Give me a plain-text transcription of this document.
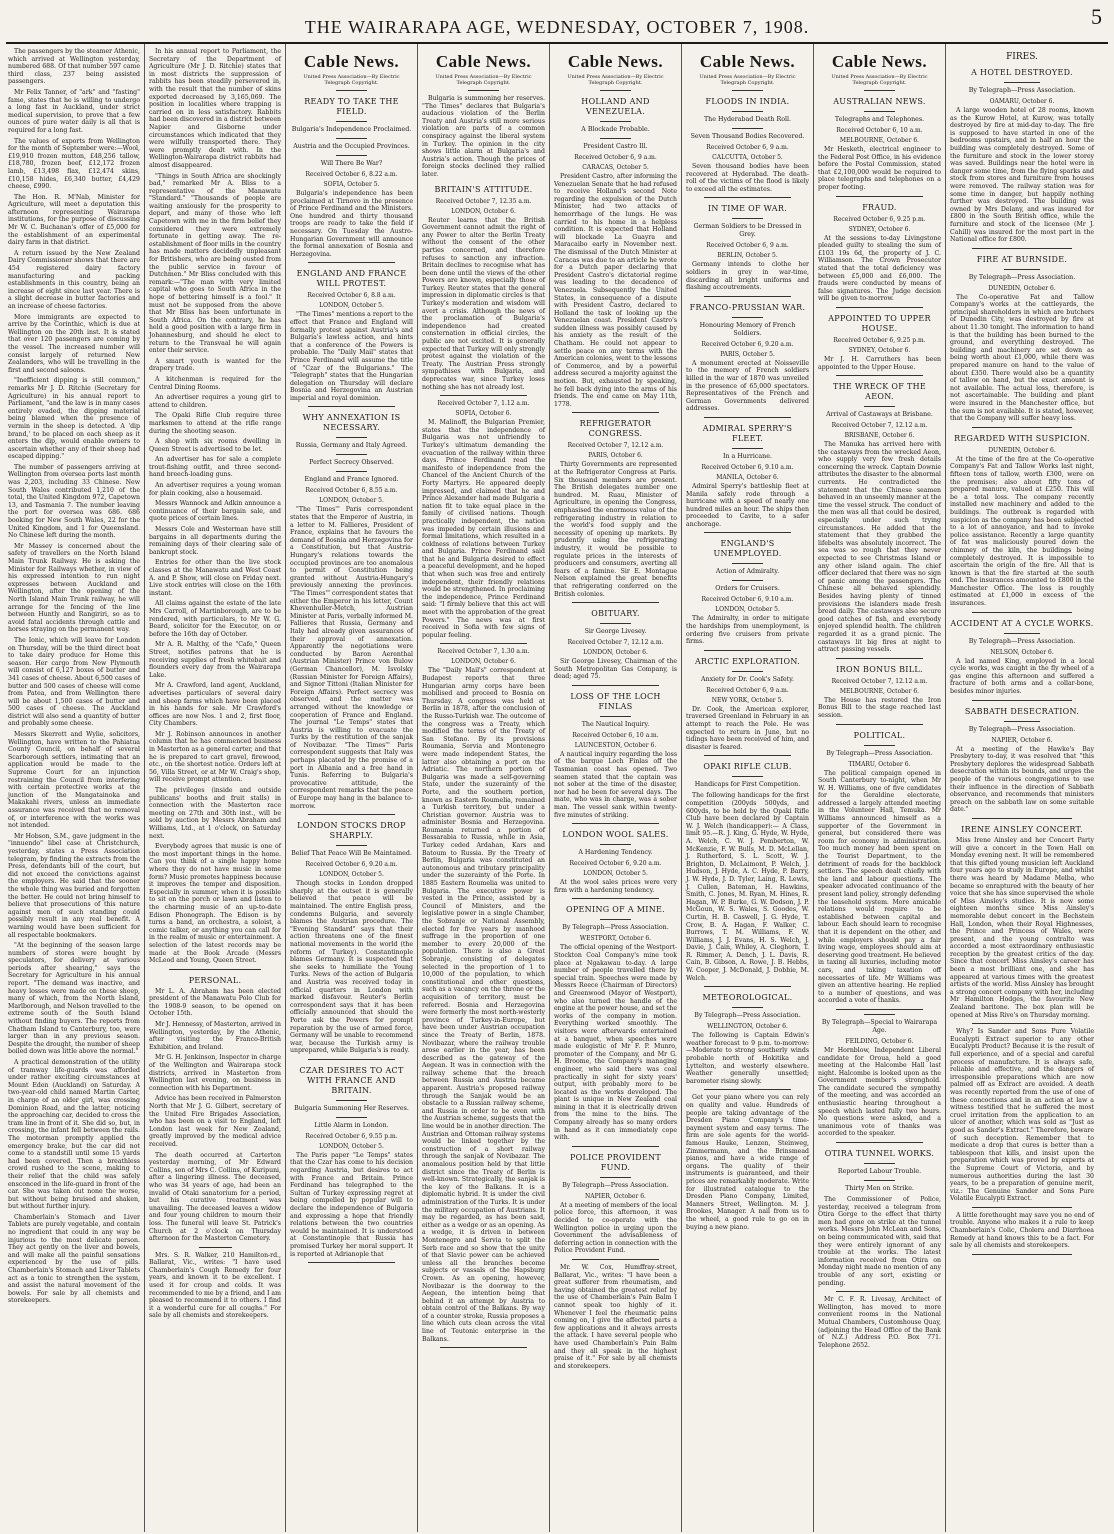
THE WAIRARAPA AGE, WEDNESDAY, OCTOBER 7, 1908.	5

The passengers by the steamer Athenic, which arrived at Wellington yesterday, numbered 688. Of that number 597 came third class, 237 being assisted passengers.

Mr Felix Tanner, of "ark" and "fasting" fame, states that he is willing to undergo a long fast in Auckland, under strict medical supervision, to prove that a few ounces of pure water daily is all that is required for a long fast.

The values of exports from Wellington for the month of September were:—Wool, £19,910 frozen mutton, £48,256 tallow, £18,780, frozen beef, £12,172 frozen lamb, £13,498 flax, £12,474 skins, £10,158 hides, £6,340 butter, £4,429 cheese, £990.

The Hon. R. M'Nab, Minister for Agriculture, will meet a deputation this afternoon representing Wairarapa institutions, for the purpose of discussing Mr W. C. Buchanan's offer of £5,000 for the establishment of an experimental dairy farm in that district.

A return issued by the New Zealand Dairy Commissioner shows that there are 454 registered dairy factory manufacturing and packing establishments in this country, being an increase of eight since last year. There is a slight decrease in butter factories and an increase of cheese factories.

More immigrants are expected to arrive by the Corinthic, which is due at Wellington on the 20th inst. It is stated that over 120 passengers are coming by the vessel. The increased number will consist largely of returned New Zealanders, who will be travelling in the first and second saloons.

"Inefficient dipping is still common," remarks Mr J. D. Ritchie (Secretary for Agriculture) in his annual report to Parliament, "and the law is in many cases entirely evaded, the dipping material being blamed when the presence of vermin in the sheep is detected. A 'dip brand,' to be placed on each sheep as it enters the dip, would enable owners to ascertain whether any of their sheep had escaped dipping."

The number of passengers arriving at Wellington from oversea ports last month was 2,203, including 33 Chinese. New South Wales contributed 1,210 of the total, the United Kingdom 972, Capetown 13, and Tasmania 7. The number leaving the port for oversea was 686. 686 booking for New South Wales, 22 for the United Kingdom, and 1 for Queensland. No Chinese left during the month.

Mr Massey is concerned about the safety of travellers on the North Island Main Trunk Railway. He is asking the Minister for Railways whether, in view of his expressed intention to run night expresses between Auckland and Wellington, after the opening of the North Island Main Trunk railway, he will arrange for the fencing of the line between Huntly and Rangiriri, so as to avoid fatal accidents through cattle and horses straying on the permanent way.

The Ionic, which will leave for London on Thursday, will be the third direct boat to take dairy produce for Home this season. Her cargo from New Plymouth will consist of 6,127 boxes of butter and 341 cases of cheese. About 6,500 cases of butter and 500 cases of cheese will come from Patea, and from Wellington there will be about 1,500 cases of butter and 500 cases of cheese. The Auckland district will also send a quantity of butter and probably some cheese.

Messrs Skerrett and Wylie, solicitors, Wellington, have written to the Pahiatua County Council, on behalf of several Scarborough settlers, intimating that an application would be made to the Supreme Court for an injunction restraining the Council from interfering with certain protective works at the junction of the Mangatainoka and Makakahi rivers, unless an immediate assurance was received that no removal of, or interference with the works was not intended.

Mr Hobson, S.M., gave judgment in the "innuendo" libel case at Christchurch, yesterday, states a Press Association telegram, by finding the extracts from the Press, defendants bill of the court, but did not exceed the convictions against the employers. He said that the sooner the whole thing was buried and forgotten the better. He could not bring himself to believe that prosecutions of this nature against men of such standing could possibly result in any real benefit. A warning would have been sufficient for all respectable bookmakers.

"At the beginning of the season large numbers of stores were bought by speculators, for delivery at various periods after shearing," says the Secretary for Agriculture in his annual report. "The demand was inactive, and heavy losses were made on these sheep, many of which, from the North Island, Marlborough, and Nelson travelled to the extreme south of the South Island without finding buyers. The reports from Chatham Island to Canterbury, too, were larger than in any previous season. Despite the drought, the number of sheep boiled down was little above the normal."

A practical demonstration of the utility of tramway life-guards was afforded under rather exciting circumstances at Mount Eden (Auckland) on Saturday. A two-year-old child named Martin Carter, in charge of an older girl, was crossing Dominion Road, and the latter, noticing the approaching car, decided to cross the tram line in front of it. She did so, but, in crossing, the infant fell between the rails. The motorman promptly applied the emergency brake, but the car did not come to a standstill until some 15 yards had been covered. Then a breathless crowd rushed to the scene, making to their relief that the child was safely ensconced in the life-guard in front of the car. She was taken out none the worse, but without being bruised and shaken, but without further injury.

Chamberlain's Stomach and Liver Tablets are purely vegetable, and contain no ingredient that could in any way be injurious to the most delicate person. They act gently on the liver and bowels, and will make all the painful sensations experienced by the use of pills. Chamberlain's Stomach and Liver Tablets act as a tonic to strengthen the system, and assist the natural movement of the bowels. For sale by all chemists and storekeepers.

In his annual report to Parliament, the Secretary of the Department of Agriculture (Mr J. D. Ritchie) states that in most districts the suppression of rabbits has been steadily persevered in, with the result that the number of skins exported decreased by 3,165,069. The position in localities where trapping is carried on in less satisfactory. Rabbits had been discovered in a district between Napier and Gisborne under circumstances which indicated that they were wilfully transported there. They were promptly dealt with. In the Wellington-Wairarapa district rabbits had almost disappeared.

"Things in South Africa are shockingly bad," remarked Mr A. Bliss to a representative of the Manawatu "Standard." "Thousands of people are waiting anxiously for the prosperity to depart, and many of those who left Capetown with me in the firm belief they considered they were extremely fortunate in getting away. The re-establishment of floor mills in the country has made matters decidedly unpleasant for Britishers, who are being ousted from the public service in favour of Dutchmen." Mr Bliss concluded with this remark:—"The man with very limited capital who goes to South Africa in the hope of bettering himself is a fool." It must not be supposed from the above that Mr Bliss has been unfortunate in South Africa. On the contrary, he has held a good position with a large firm in Johannesburg, and should he elect to return to the Transvaal he will again enter their service.

A smart youth is wanted for the drapery trade.

A kitchenman is required for the Central Dining Rooms.

An advertiser requires a young girl to attend to children.

The Opaki Rifle Club require three marksmen to attend at the rifle range during the shooting season.

A shop with six rooms dwelling in Queen Street is advertised to be let.

An advertiser has for sale a complete trout-fishing outfit, and three second-hand breech-loading guns.

An advertiser requires a young woman for plain cooking, also a housemaid.

Messrs Wannock and Adkin announce a continuance of their bargain sale, and quote prices of certain lines.

Messrs Cole and Westerman have still bargains in all departments during the remaining days of their clearing sale of bankrupt stock.

Entries for other than the live stock classes at the Manawatu and West Coast A. and P. Show, will close on Friday next. Live stock entries will close on the 16th instant.

All claims against the estate of the late Mrs Carroll, of Martinborough, are to be rendered, with particulars, to Mr W. G. Beard, solicitor for the Executor, on or before the 16th day of October.

Mr A. R. Malthy, of the "Cafe," Queen Street, notifies patrons that he is receiving supplies of fresh whitebait and flounders every day from the Wairarapa Lake.

Mr A. Crawford, land agent, Auckland, advertises particulars of several dairy and sheep farms which have been placed in his hands for sale. Mr Crawford's offices are now Nos. 1 and 2, first floor, City Chambers.

Mr J. Robinson announces in another column that he has commenced business in Masterton as a general carter, and that he is prepared to cart gravel, firewood, etc., on the shortest notice. Orders left at 56, Villa Street, or at Mr W. Craig's shop, will receive prompt attention.

The privileges (inside and outside publicans' booths and fruit stalls) in connection with the Masterton race meeting on 27th and 30th inst., will be sold by auction by Messrs Abraham and Williams, Ltd., at 1 o'clock, on Saturday next.

Everybody agrees that music is one of the most important things in the home. Can you think of a single happy home where they do not have music in some form? Music promotes happiness because it improves the temper and disposition. Especially in summer, when it is possible to sit on the porch or lawn and listen to the charming music of an up-to-date Edison Phonograph. The Edison is by turns a band, an orchestra, a soloist, a comic talker, or anything you can call for in the realm of music or entertainment. A selection of the latest records may be made at the Book Arcade (Messrs McLeod and Young, Queen Street.

PERSONAL.

Mr L. A. Abraham has been elected president of the Manawatu Polo Club for the 1908-9 season, to be opened on October 15th.

Mr J. Hennessy, of Masterton, arrived in Wellington, yesterday, by the Athenic, after visiting the Franco-British Exhibition, and Ireland.

Mr G. H. Jenkinson, Inspector in charge of the Wellington and Wairarapa stock districts, arrived in Masterton from Wellington last evening, on business in connection with his Department.

Advice has been received in Palmerston North that Mr J. G. Gilbert, secretary of the United Fire Brigades Association, who has been on a visit to England, left London last week for New Zealand, greatly improved by the medical advice received.

The death occurred at Carterton yesterday morning, of Mr Edward Collins, son of Mrs C. Collins, of Kuripuni, after a lingering illness. The deceased, who was 34 years of age, had been an invalid of Otaki sanatorium for a period, but his curative treatment was unavailing. The deceased leaves a widow and four young children to mourn their loss. The funeral will leave St. Patrick's Church at 2 o'clock on Thursday afternoon for the Masterton Cemetery.

Mrs. S. R. Walker, 210 Hamilton-rd., Ballarat, Vic., writes: "I have used Chamberlain's Cough Remedy for four years, and known it to be excellent. I used it for croup and colds. It was recommended to me by a friend, and I am pleased to recommend it to others. I find it a wonderful cure for all coughs." For sale by all chemists and storekeepers.

Cable News.
United Press Association—By Electric Telegraph Copyright.
READY TO TAKE THE FIELD.
Bulgaria's Independence Proclaimed.
Austria and the Occupied Provinces.
Will There Be War?
Received October 6, 8.22 a.m.
SOFIA, October 5.

Bulgaria's independence has been proclaimed at Tirnovo in the presence of Prince Ferdinand and the Ministers. One hundred and thirty thousand troops are ready to take the field if necessary. On Tuesday the Austro-Hungarian Government will announce the formal annexation of Bosnia and Herzegovina.

ENGLAND AND FRANCE WILL PROTEST.
Received October 6, 8.8 a.m.
LONDON, October 5.

"The Times" mentions a report to the effect that France and England will formally protest against Austria's and Bulgaria's lawless action, and hints that a conference of the Powers is probable. The "Daily Mail" states that Prince Ferdinand will assume the title of "Czar of the Bulgarians." The "Telegraph" states that the Hungarian delegation on Thursday will declare Bosnia and Herzegovina an Austrian imperial and royal dominion.

WHY ANNEXATION IS NECESSARY.
Russia, Germany and Italy Agreed.
Perfect Secrecy Observed.
England and France Ignored.
Received October 6, 8.55 a.m.
LONDON, October 5.

"The Times'" Paris correspondent states that the Emperor of Austria, in a letter to M. Fallieres, President of France, explains that he favours the demand of Bosnia and Herzegovina for a Constitution, but that Austria-Hungary's relations towards the occupied provinces are too anomalous to permit of Constitution being granted without Austria-Hungary's previously annexing the provinces. "The Times'" correspondent states that either the Emperor in his letter, Count Khevenhuller-Metch, Austrian Minister at Paris, verbally informed M. Fallieres that Russia, Germany and Italy had already given assurances of their approval of annexation. Apparently the negotiations were conducted by Baron Aerenthal (Austrian Minister) Prince von Bulow (German Chancellor), M. Isvolsky (Russian Minister for Foreign Affairs), and Signor Tittoni (Italian Minister for Foreign Affairs). Perfect secrecy was observed, and the matter was arranged without the knowledge or cooperation of France and England. The journal "Le Temps" states that Austria is willing to evacuate the Turks by the restitution of the sanjak of Novibazar. "The Times'" Paris correspondent suggests that Italy was perhaps placated by the promise of a port in Albania and a free hand in Tunis. Referring to Bulgaria's provocative attitude, the correspondent remarks that the peace of Europe may hang in the balance to-morrow.

LONDON STOCKS DROP SHARPLY.
Belief That Peace Will Be Maintained.
Received October 6, 9.20 a.m.
LONDON, October 5.

Though stocks in London dropped sharply at the outset it is generally believed that peace will be maintained. The entire English press, condemns Bulgaria, and severely blames the Austrian procedure. The "Evening Standard" says that their action threatens one of the finest national movements in the world (the reform of Turkey). Constantinople blames Germany. It is suspected that she seeks to humiliate the Young Turks. News of the action of Bulgaria and Austria was received today in official quarters in London with marked disfavour. Reuter's Berlin correspondent says that it has been officially announced that should the Porte ask the Powers for prompt reparation by the use of armed force, Germany will be unable to recommend war, because the Turkish army is unprepared, while Bulgaria's is ready.

CZAR DESIRES TO ACT WITH FRANCE AND BRITAIN.
Bulgaria Summoning Her Reserves.
Little Alarm in London.
Received October 6, 9.55 p.m.
LONDON, October 5.

The Paris paper "Le Temps" states that the Czar has come to his decision regarding Austria, but desires to act with France and Britain. Prince Ferdinand has telegraphed to the Sultan of Turkey expressing regret at being compelled by popular will to declare the independence of Bulgaria and expressing a hope that friendly relations between the two countries would be maintained. It is understood at Constantinople that Russia has promised Turkey her moral support. It is reported at Adrianople that

Cable News.
United Press Association—By Electric Telegraph Copyright.

Bulgaria is summoning her reserves. "The Times" declares that Bulgaria's audacious violation of the Berlin Treaty and Austria's still more serious violation are parts of a common conspiracy against the liberal system in Turkey. The opinion in the city shows little alarm at Bulgaria's and Austria's action. Though the prices of foreign stocks declined they rallied later.

BRITAIN'S ATTITUDE.
Received October 7, 12.35 a.m.
LONDON, October 6.

Reuter learns that the British Government cannot admit the right of any Power to alter the Berlin Treaty without the consent of the other parties concerned, and therefore refuses to sanction any infraction. Britain declines to recognise what has been done until the views of the other Powers are known, especially those of Turkey. Reuter states that the general impression in diplomatic circles is that Turkey's moderation and wisdom will avert a crisis. Although the news of the proclamation of Bulgaria's independence had created consternation in official circles, the public are not excited. It is generally expected that Turkey will only strongly protest against the violation of the Treaty. The Austrian Press strongly sympathises with Bulgaria, and deprecates war, since Turkey loses nothing she has not already lost.

Received October 7, 1.12 a.m.
SOFIA, October 6.

M. Malinoff, the Bulgarian Premier, states that the independence of Bulgaria was not unfriendly to Turkey's ultimatum demanding the evacuation of the railway within three days. Prince Ferdinand read the manifesto of independence from the Chancel of the Ancient Church of the Forty Martyrs. He appeared deeply impressed, and claimed that he and Prince Alexander had made Bulgaria a nation fit to take equal place in the family of civilised nations. Though practically independent, the nation was impeded by certain illusions and formal limitations, which resulted in a coldness of relations between Turkey and Bulgaria. Prince Ferdinand said that he and Bulgaria desired to effect a peaceful development, and he hoped that when such was free and entirely independent, their friendly relations would be strengthened. In proclaiming the independence, Prince Ferdinand said: "I firmly believe that this act will meet with the approbation of the great Powers." The news was at first received in Sofia with few signs of popular feeling.

Received October 7, 1.30 a.m.
LONDON, October 6.

The "Daily Mail's" correspondent at Budapest reports that three Hungarian army corps have been mobilised and proceed to Bosnia on Thursday. A congress was held at Berlin in 1878, after the conclusion of the Russo-Turkish war. The outcome of the congress was a Treaty, which modified the terms of the Treaty of San Stefano. By its provisions Roumania, Servia and Montenegro were made independent States, the latter also obtaining a port on the Adriatic. The northern portion of Bulgaria was made a self-governing State, under the suzerainty of the Porte, and the southern portion, known as Eastern Roumelia, remained a Turkish territory, but under a Christian governor. Austria was to administer Bosnia and Herzegovina. Roumania returned a portion of Bessarabia to Russia, while in Asia, Turkey ceded Ardahan, Kars and Batoum to Russia. By the Treaty of Berlin, Bulgaria was constituted an autonomous and tributary principality under the suzerainty of the Porte. In 1885 Eastern Roumelia was united to Bulgaria. The executive power is vested in the Prince, assisted by a Council of Ministers, and the legislative power in a single Chamber, the Sobranje or National Assembly, elected for five years by manhood suffrage in the proportion of one member to every 20,000 of the population. There is also a Great Sobranje, consisting of delegates selected in the proportion of 1 to 10,000 of the population, to which constitutional and other questions, such as a vacancy on the throne or the acquisition of territory, must be referred. Bosnia and Herzegovina were formerly the most north-westerly province of Turkey-in-Europe, but have been under Austrian occupation since the Treaty of Berlin, 1878. Novibazar, where the railway trouble arose earlier in the year, has been described as the gateway of the Aegean. It was in connection with the railway scheme that the breach between Russia and Austria became apparent. Austria's proposed railway through the Sanjak would be an obstacle to a Russian railway scheme, and Russia in order to be even with the Austrian scheme, suggests that the line would be in another direction. The Austrian and Ottoman railway systems would be linked together by the construction of a short railway through the sanjak of Novibazar. The anomalous position held by that little district since the Treaty of Berlin is well-known. Strategically, the sanjak is the key of the Balkans. It is a diplomatic hybrid. It is under the civil administration of the Turks. It is under the military occupation of Austrians. It may be regarded, as has been said, either as a wedge or as an opening. As a wedge, it is driven in between Montenegro and Servia to split the Serb race and so show that the unity of that Slavic power can be achieved unless all the branches become subjects or vassals of the Hapsburg Crown. As an opening, however, Novibazar is the doorway to the Aegean, the intention being that behind it an attempt by Austria to obtain control of the Balkans. By way of a counter stroke, Russia proposes a line which cuts clean across the vital line of Teutonic enterprise in the Balkans.

Cable News.
United Press Association—By Electric Telegraph Copyright.
HOLLAND AND VENEZUELA.
A Blockade Probable.
President Castro Ill.
Received October 6, 9 a.m.
CARACAS, October 5.

President Castro, after informing the Venezuelan Senate that he had refused to receive Holland's second Note regarding the expulsion of the Dutch Minister, had two attacks of hemorrhage of the lungs. He was carried to his home in a helpless condition. It is expected that Holland will blockade La Guayra and Maracaibo early in November next. The dismissal of the Dutch Minister at Caracas was due to an article he wrote for a Dutch paper declaring that President Castro's dictatorial regime was leading to the decadence of Venezuela. Subsequently the United States, in consequence of a dispute with President Castro, declared to Holland the task of looking up the Venezuelan coast. President Castro's sudden illness was possibly caused by his anxiety as the result of the Chatham. He could not appear to settle peace on any terms with the American colonies, went to the lessons of Commerce, and by a powerful address secured a majority against the motion. But, exhausted by speaking, he fell back dying into the arms of his friends. The end came on May 11th, 1778.

REFRIGERATOR CONGRESS.
Received October 7, 12.12 a.m.
PARIS, October 6.

Thirty Governments are represented at the Refrigerator Congress at Paris. Six thousand members are present. The British delegates number one hundred. M. Ruau, Minister of Agriculture, in opening the Congress, emphasised the enormous value of the refrigerating industry in relation to the world's food supply and the necessity of opening up markets. By prudently using the refrigerating industry, it would be possible to regulate prices in the interests of producers and consumers, averting all fears of a famine. Sir E. Montague Nelson explained the great benefits that refrigerating conferred on the British colonies.

OBITUARY.
Sir George Livesey.
Received October 7, 12.12 a.m.
LONDON, October 6.

Sir George Livesey, Chairman of the South Metropolitan Gas Company, is dead; aged 75.

LOSS OF THE LOCH FINLAS
The Nautical Inquiry.
Received October 6, 10 a.m.
LAUNCESTON, October 6.

A nautical inquiry regarding the loss of the barque Loch Finlas off the Tasmanian coast has opened. Two seamen stated that the captain was not sober at the time of the disaster, nor had he been for several days. The mate, who was in charge, was a sober man. The vessel sank within twenty-five minutes of striking.

LONDON WOOL SALES.
A Hardening Tendency.
Received October 6, 9.20 a.m.
LONDON, October 5.

At the wool sales prices were very firm with a hardening tendency.

OPENING OF A MINE.
By Telegraph—Press Association.
WESTPORT, October 6.

The official opening of the Westport-Stockton Coal Company's mine took place at Ngakawau to-day. A large number of people travelled there by special train. Speeches were made by Messrs Reece (Chairman of Directors) and Greenwood (Mayor of Westport), who also turned the handle of the engine at the power house, and set the works of the company in motion. Everything worked smoothly. The visitors were afterwards entertained at a banquet, when speeches were made eulogistic of Mr F. P. Munro, promoter of the Company, and Mr G. H. Broome, the Company's managing engineer, who said there was coal practically in sight for sixty years' output, with probably more to be located as the works developed. The plant is unique in New Zealand coal mining in that it is electrically driven from the mine to the bins. The Company already has so many orders in hand as it can immediately cope with.

POLICE PROVIDENT FUND.
By Telegraph—Press Association.
NAPIER, October 6.

At a meeting of members of the local police force, this afternoon, it was decided to co-operate with the Wellington police in urging upon the Government the advisableness of deferring action in connection with the Police Provident Fund.

Mr. W. Cox, Humffray-street, Ballarat, Vic., writes: "I have been a great sufferer from rheumatism, and having obtained the greatest relief by the use of Chamberlain's Pain Balm I cannot speak too highly of it. Whenever I feel the rheumatic pains coming on, I give the affected parts a few applications and it always arrests the attack. I have several people who have used Chamberlain's Pain Balm and they all speak in the highest praise of it." For sale by all chemists and storekeepers.

Cable News.
United Press Association—By Electric Telegraph Copyright.
FLOODS IN INDIA.
The Hyderabad Death Roll.
Seven Thousand Bodies Recovered.
Received October 6, 9 a.m.
CALCUTTA, October 5.

Seven thousand bodies have been recovered at Hyderabad. The death-roll of the victims of the flood is likely to exceed all the estimates.

IN TIME OF WAR.
German Soldiers to be Dressed in Grey.
Received October 6, 9 a.m.
BERLIN, October 5.

Germany intends to clothe her soldiers in grey in war-time, discarding all bright uniforms and flashing accoutrements.

FRANCO-PRUSSIAN WAR.
Honouring Memory of French Soldiers.
Received October 6, 9.20 a.m.
PARIS, October 5.

A monument erected at Noisseville to the memory of French soldiers killed in the war of 1870 was unveiled in the presence of 65,000 spectators. Representatives of the French and German Governments delivered addresses.

ADMIRAL SPERRY'S FLEET.
In a Hurricane.
Received October 6, 9.10 a.m.
MANILA, October 6.

Admiral Sperry's battleship fleet at Manila safely rode through a hurricane with a speed of nearly one hundred miles an hour. The ships then proceeded to Cavite, to a safer anchorage.

ENGLAND'S UNEMPLOYED.
Action of Admiralty.
Orders for Cruisers.
Received October 6, 9.10 a.m.
LONDON, October 5.

The Admiralty, in order to mitigate the hardships from unemployment, is ordering five cruisers from private firms.

ARCTIC EXPLORATION.
Anxiety for Dr. Cook's Safety.
Received October 6, 9 a.m.
NEW YORK, October 5.

Dr. Cook, the American explorer, traversed Greenland in February in an attempt to reach the Pole. He was expected to return in June, but no tidings have been received of him, and disaster is feared.

OPAKI RIFLE CLUB.
Handicaps for First Competition.

The following handicaps for the first competition (200yds 500yds, and 600yds, to be held by the Opaki Rifle Club have been declared by Captain W. J. Welch (handicapper):— A Class, limit 95.—R. J. King, G. Hyde, W. Hyde, A. Welch, C. W. J. Pemberton, W. McKenzie, F. W. Bulls, M. D. McLellan, J. Rutherford, S. L. Scott, W. J. Brighton, D. McLaimont, P. Welch, J. Hudson, J. Hyde, A. C. Hyde, P. Barry, J. W. Hyde, J. D. Tyler, Laing, R. Lewis, J. Cullen, Bateman, H. Hawkins, Smith, C. Jones, M. Ryan, M. Hines, R. Hagan, W. P. Burke, G. W. Dodson, J. P. McGoun, W. S. Wales, S. Goodes, W. Curtin, H. B. Caswell, J. G. Hyde, T. Crow, B. A. Hagan, F. Walker, C. Burrows, T. M. Williams, F. W. Williams, J. J. Evans, H. S. Welch, J. Davie, J. Cain, Whiley, A. Cleghorn, T. R. Rimmer, A. Dench, J. L. Davis, R. Cain, B. Gibson, A. Rowe, J. B. Hebbs, W. Cooper, J. McDonald, J. Dobbie, M. Welch.

METEOROLOGICAL.
By Telegraph—Press Association.
WELLINGTON, October 6.

The following is Captain Edwin's weather forecast to 9 p.m. to-morrow:—Moderate to strong southerly winds probable north of Hokitika and Lyttelton, and westerly elsewhere. Weather generally unsettled; barometer rising slowly.

Get your piano where you can rely on quality and value. Hundreds of people are taking advantage of the Dresden Piano Company's time-payment system and easy terms. The firm are sole agents for the world-famous Hauke, Lenzen, Steinweg, Zimmermann, and the Brinsmead pianos, and have a wide range of organs. The quality of their instruments is guaranteed, and their prices are remarkably moderate. Write for illustrated catalogue to the Dresden Piano Company, Limited, Manners Street, Wellington. M. J. Brookes, Manager. A nail from us to the wheel, a good rule to go on in buying a new piano.

Cable News.
United Press Association—By Electric Telegraph Copyright.
AUSTRALIAN NEWS.
Telegraphs and Telephones.
Received October 6, 10 a.m.
MELBOURNE, October 6.

Mr Hesketh, electrical engineer to the Federal Post Office, in his evidence before the Postal Commission, stated that £2,100,000 would be required to place telegraphs and telephones on a proper footing.

FRAUD.
Received October 6, 9.25 p.m.
SYDNEY, October 6.

At the sessions to-day Livingstone pleaded guilty to stealing the sum of £103 19s 6d, the property of J. C. Williamson. The Crown Prosecutor stated that the total deficiency was between £5,000 and £6,000. The frauds were conducted by means of false signatures. The Judge decision will be given to-morrow.

APPOINTED TO UPPER HOUSE.
Received October 6, 9.25 p.m.
SYDNEY, October 6.

Mr J. H. Carruthers has been appointed to the Upper House.

THE WRECK OF THE AEON.
Arrival of Castaways at Brisbane.
Received October 7, 12.12 a.m.
BRISBANE, October 6.

The Manuka has arrived here with the castaways from the wrecked Aeon, who supply very few fresh details concerning the wreck. Captain Downie attributes the disaster to the abnormal currents. He contradicted the statement that the Chinese seamen behaved in an unseemly manner at the time the vessel struck. The conduct of the men was all that could be desired, especially under such trying circumstances. He added that the statement that they grabbed the lifebelts was absolutely incorrect. The sea was so rough that they never expected to see Christmas Island or any other island again. The chief officer declared that there was no sign of panic among the passengers. The Chinese all behaved splendidly. Besides having plenty of tinned provisions the islanders made fresh bread daily. The castaways also secure good catches of fish, and everybody enjoyed splendid health. The children regarded it as a grand picnic. The castaways lit big fires at night to attract passing vessels.

IRON BONUS BILL.
Received October 7, 12.12 a.m.
MELBOURNE, October 6.

The House has restored the Iron Bonus Bill to the stage reached last session.

POLITICAL.
By Telegraph—Press Association.
TIMARU, October 6.

The political campaign opened in South Canterbury to-night, when Mr W. H. Williams, one of five candidates for the Geraldine electorate, addressed a largely attended meeting in the Volunteer Hall, Temuka. Mr Williams announced himself as a supporter of the Government in general, but considered there was room for economy in administration. Too much money had been spent on the Tourist Department, to the detriment of roads for the backblock settlers. The speech dealt chiefly with the land and labour questions. The speaker advocated continuance of the present land policy, strongly defending the leasehold system. More amicable relations would require to be established between capital and labour. Each should learn to recognise that it is dependent on the other, and while employers should pay a fair living wage, employees should aim at deserving good treatment. He believed in taxing all luxuries, including motor cars, and taking taxation off necessaries of life. Mr Williams was given an attentive hearing. He replied to a number of questions, and was accorded a vote of thanks.

By Telegraph—Special to Wairarapa Age.
FEILDING, October 6.

Mr Hornblow, Independent Liberal candidate for Oroua, held a good meeting at the Halcombe Hall last night. Halcombe is looked upon as the Government member's stronghold. The candidate secured the sympathy of the meeting, and was accorded an enthusiastic hearing throughout a speech which lasted fully two hours. No questions were asked, and a unanimous vote of thanks was accorded to the speaker.

OTIRA TUNNEL WORKS.
Reported Labour Trouble.
Thirty Men on Strike.

The Commissioner of Police, yesterday, received a telegram from Otira Gorge to the effect that thirty men had gone on strike at the tunnel works. Messrs John McLean and Sons, on being communicated with, said that they were entirely ignorant of any trouble at the works. The latest information received from Otira on Monday night made no mention of any trouble of any sort, existing or pending.

Mr C. F. R. Livesay, Architect of Wellington, has moved to more convenient rooms in the National Mutual Chambers, Customhouse Quay, (adjoining the Head Office of the Bank of N.Z.) Address P.O. Box 771. Telephone 2652.

FIRES.
A HOTEL DESTROYED.
By Telegraph—Press Association.
OAMARU, October 6.

A large wooden hotel of 28 rooms, known as the Kurow Hotel, at Kurow, was totally destroyed by fire at mid-day to-day. The fire is supposed to have started in one of the bedrooms upstairs, and in half an hour the building was completely destroyed. Some of the furniture and stock in the lower storey was saved. Buildings near the hotel were in danger some time, from the flying sparks and stock from stores and furniture from houses were removed. The railway station was for some time in danger, but happily nothing further was destroyed. The building was owned by Mrs Delany, and was insured for £800 in the South British office, while the furniture and stock of the licensee (Mr J. Cahill) was insured for the most part in the National office for £800.

FIRE AT BURNSIDE.
By Telegraph—Press Association.
DUNEDIN, October 6.

The Co-operative Fat and Tallow Company's works at the cattleyards, the principal shareholders in which are butchers of Dunedin City, was destroyed by fire at about 11.30 tonight. The information to hand is that the building has been burned to the ground, and everything destroyed. The building and machinery are set down as being worth about £1,000, while there was prepared manure on hand to the value of about £350. There would also be a quantity of tallow on hand, but the exact amount is not available. The actual loss, therefore, is not ascertainable. The building and plant were insured in the Manchester office, but the sum is not available. It is stated, however, that the Company will suffer heavy loss.

REGARDED WITH SUSPICION.
DUNEDIN, October 6.

At the time of the fire at the Co-operative Company's Fat and Tallow Works last night, fifteen tons of tallow, worth £300, were on the premises; also about fifty tons of prepared manure, valued at £250. This will be a total loss. The company recently installed new machinery and added to the buildings. The outbreak is regarded with suspicion as the company has been subjected to a lot of annoyance, and had to invoke police assistance. Recently a large quantity of fat was maliciously poured down the chimney of the kiln, the buildings being completely destroyed. It is impossible to ascertain the origin of the fire. All that is known is that the fire started at the south end. The insurances amounted to £800 in the Manchester Office. The loss is roughly estimated at £1,000 in excess of the insurances.

ACCIDENT AT A CYCLE WORKS.
By Telegraph—Press Association.
NELSON, October 6.

A lad named King, employed in a local cycle works, was caught in the fly wheel of a gas engine this afternoon and suffered a fracture of both arms and a collar-bone, besides minor injuries.

SABBATH DESECRATION.
By Telegraph—Press Association.
NAPIER, October 6.

At a meeting of the Hawke's Bay Presbytery to-day, it was resolved that "this Presbytery deplores the widespread Sabbath desecration within its bounds, and urges the people of the various congregations to use their influence in the direction of Sabbath observance, and recommends that ministers preach on the sabbath law on some suitable date."

IRENE AINSLEY CONCERT.

Miss Irene Ainsley and her Concert Party will give a concert in the Town Hall on Monday evening next. It will be remembered that this gifted young musician left Auckland four years ago to study in Europe, and whilst there was heard by Madame Melba, who became so enraptured with the beauty of her voice that she has since supervised the whole of Miss Ainsley's studies. It is now some eighteen months since Miss Ainsley's memorable debut concert in the Bechstein Hall, London, when their Royal Highnesses, the Prince and Princess of Wales, were present, and the young contralto was accorded a most extraordinary enthusiastic reception by the greatest critics of the day. Since that concert Miss Ainsley's career has been a most brilliant one, and she has appeared at various times with the greatest artists of the world. Miss Ainsley has brought a strong concert company with her, including Mr Hamilton Hodges, the favourite New Zealand baritone. The box plan will be opened at Miss Rive's on Thursday morning.

Why? Is Sander and Sons Pure Volatile Eucalypti Extract superior to any other Eucalypti Product? Because it is the result of full experience, and of a special and careful process of manufacture. It is always safe, reliable and effective, and the dangers of irresponsible preparations which are now palmed off as Extract are avoided. A death was recently reported from the use of one of these concoctions and in an action at law a witness testified that he suffered the most cruel irritation from the application to an ulcer of another, which was sold as "Just as good as Sander's Extract." Therefore, beware of such deception. Remember that to medicate a drop that cures is better than a tablespoon that kills, and insist upon the preparation which was proved by experts at the Supreme Court of Victoria, and by numerous authorities during the last 30 years, to be a preparation of genuine merit, viz.: The Genuine Sander and Sons Pure Volatile Eucalypti Extract.

A little forethought may save you no end of trouble. Anyone who makes it a rule to keep Chamberlain's Colic, Cholera and Diarrhoea Remedy at hand knows this to be a fact. For sale by all chemists and storekeepers.
